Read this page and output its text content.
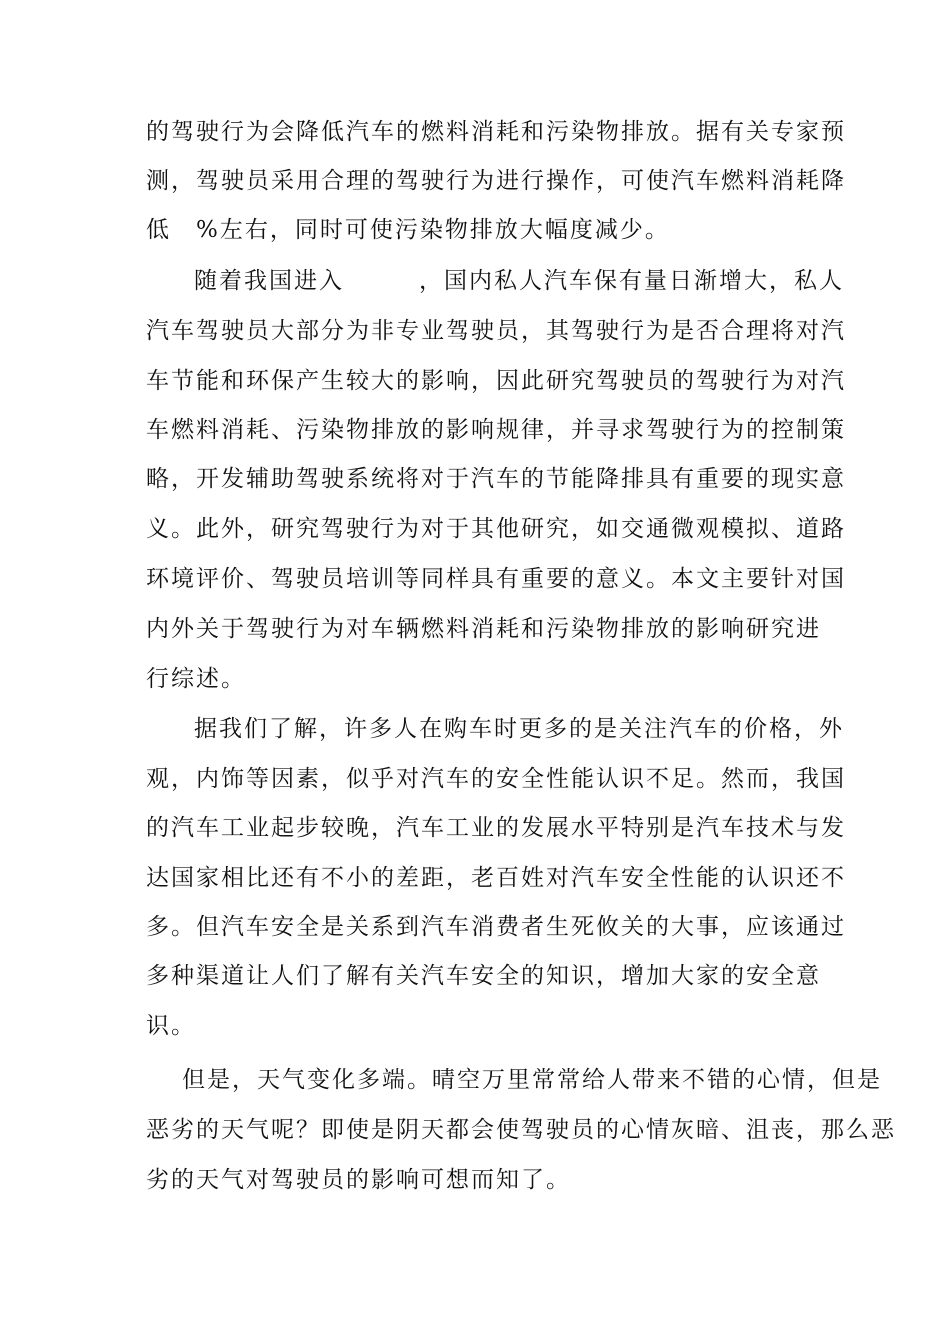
的驾驶行为会降低汽车的燃料消耗和污染物排放。据有关专家预
测，驾驶员采用合理的驾驶行为进行操作，可使汽车燃料消耗降
低　%左右，同时可使污染物排放大幅度减少。
随着我国进入　　　，国内私人汽车保有量日渐增大，私人
汽车驾驶员大部分为非专业驾驶员，其驾驶行为是否合理将对汽
车节能和环保产生较大的影响，因此研究驾驶员的驾驶行为对汽
车燃料消耗、污染物排放的影响规律，并寻求驾驶行为的控制策
略，开发辅助驾驶系统将对于汽车的节能降排具有重要的现实意
义。此外，研究驾驶行为对于其他研究，如交通微观模拟、道路
环境评价、驾驶员培训等同样具有重要的意义。本文主要针对国
内外关于驾驶行为对车辆燃料消耗和污染物排放的影响研究进
行综述。
据我们了解，许多人在购车时更多的是关注汽车的价格，外
观，内饰等因素，似乎对汽车的安全性能认识不足。然而，我国
的汽车工业起步较晚，汽车工业的发展水平特别是汽车技术与发
达国家相比还有不小的差距，老百姓对汽车安全性能的认识还不
多。但汽车安全是关系到汽车消费者生死攸关的大事，应该通过
多种渠道让人们了解有关汽车安全的知识，增加大家的安全意
识。
但是，天气变化多端。晴空万里常常给人带来不错的心情，但是
恶劣的天气呢？即使是阴天都会使驾驶员的心情灰暗、沮丧，那么恶
劣的天气对驾驶员的影响可想而知了。
